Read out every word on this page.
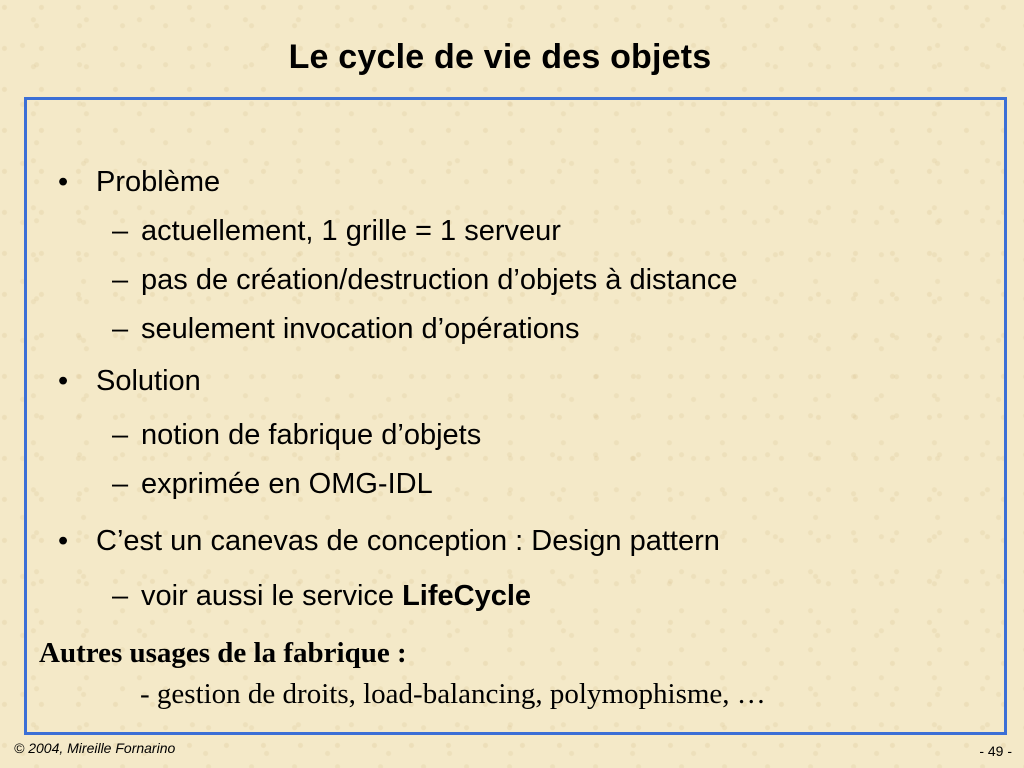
Le cycle de vie des objets
• Problème
– actuellement, 1 grille = 1 serveur
– pas de création/destruction d’objets à distance
– seulement invocation d’opérations
• Solution
– notion de fabrique d’objets
– exprimée en OMG-IDL
• C’est un canevas de conception : Design pattern
– voir aussi le service LifeCycle
Autres usages de la fabrique :
- gestion de droits, load-balancing, polymophisme, …
© 2004, Mireille Fornarino	- 49 -
